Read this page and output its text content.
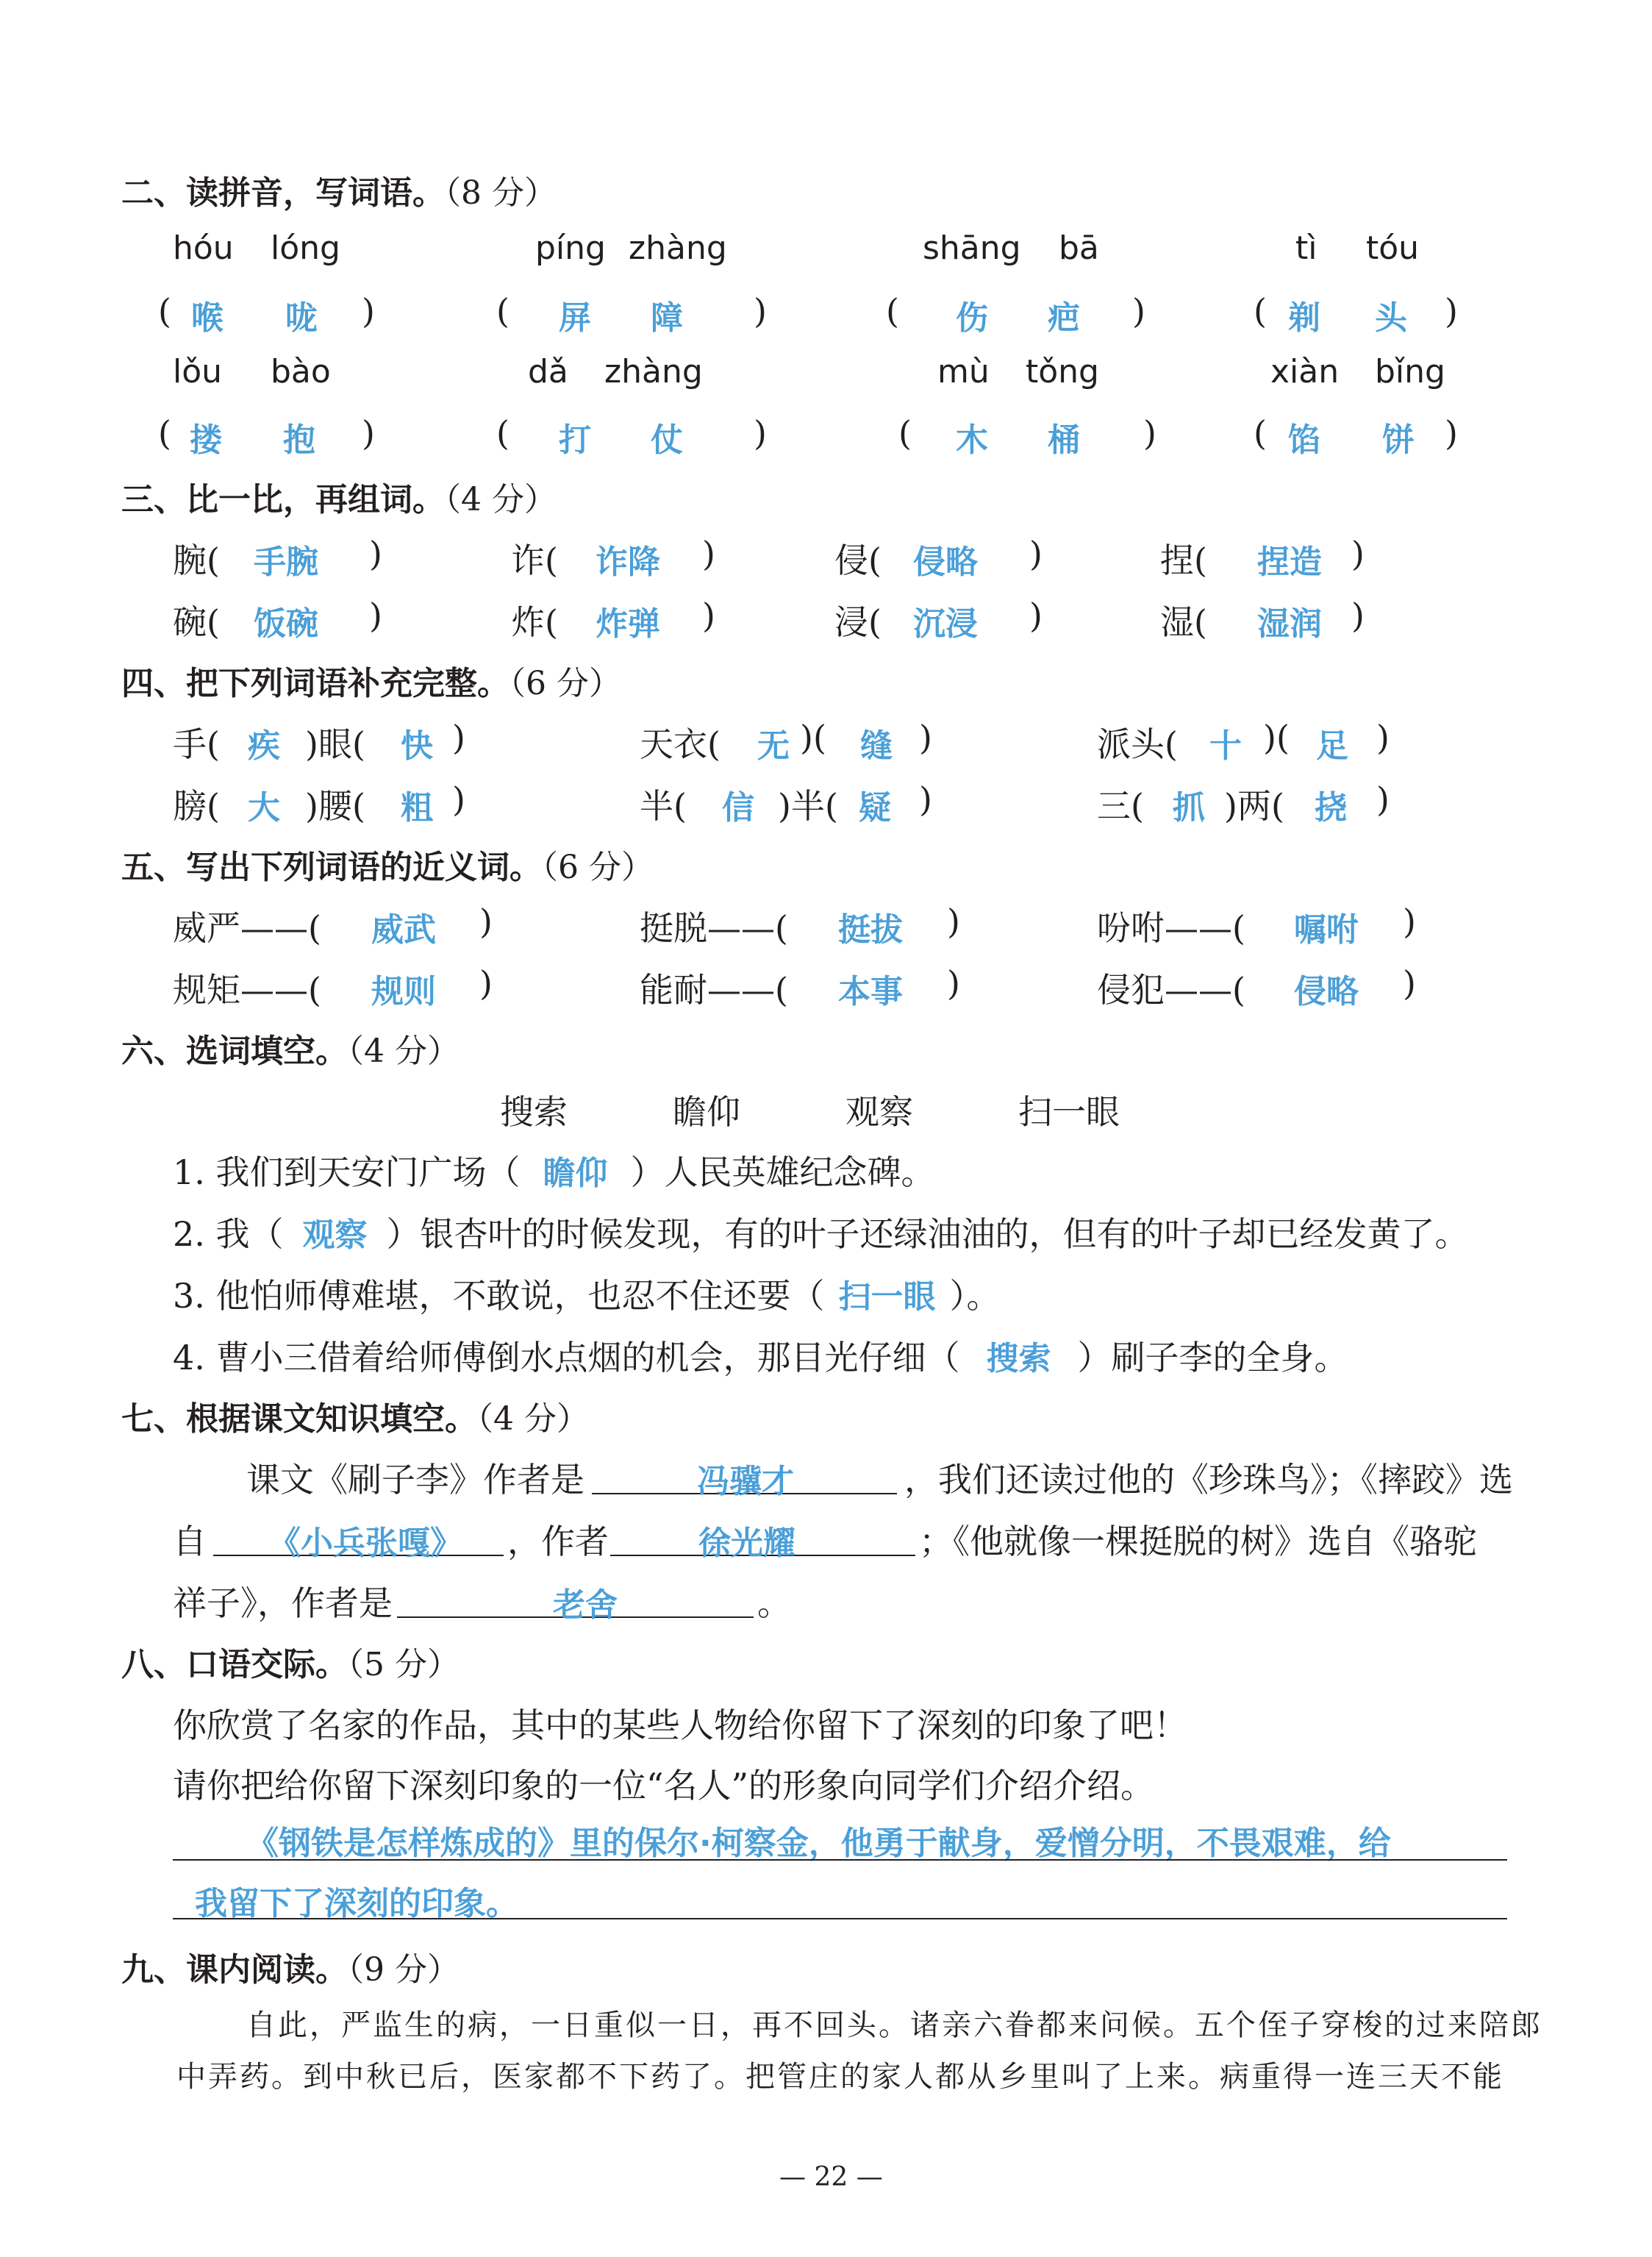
二、读拼音，写词语。（8 分）
hóu lóng	píng zhàng	shāng bā	tì tóu
( 喉 咙 )	( 屏 障 )	( 伤 疤 )	( 剃 头 )
lǒu bào	dǎ zhàng	mù tǒng	xiàn bǐng
( 搂 抱 )	( 打 仗 )	( 木 桶 )	( 馅 饼 )
三、比一比，再组词。（4 分）
腕( 手腕 )	诈( 诈降 )	侵( 侵略 )	捏( 捏造 )
碗( 饭碗 )	炸( 炸弹 )	浸( 沉浸 )	湿( 湿润 )
四、把下列词语补充完整。（6 分）
手( 疾 )眼( 快 )	天衣( 无 )( 缝 )	派头( 十 )( 足 )
膀( 大 )腰( 粗 )	半( 信 )半( 疑 )	三( 抓 )两( 挠 )
五、写出下列词语的近义词。（6 分）
威严——( 威武 )	挺脱——( 挺拔 )	吩咐——( 嘱咐 )
规矩——( 规则 )	能耐——( 本事 )	侵犯——( 侵略 )
六、选词填空。（4 分）
搜索	瞻仰	观察	扫一眼
1. 我们到天安门广场（ 瞻仰 ）人民英雄纪念碑。
2. 我（ 观察 ）银杏叶的时候发现，有的叶子还绿油油的，但有的叶子却已经发黄了。
3. 他怕师傅难堪，不敢说，也忍不住还要（ 扫一眼 ）。
4. 曹小三借着给师傅倒水点烟的机会，那目光仔细（ 搜索 ）刷子李的全身。
七、根据课文知识填空。（4 分）
课文《刷子李》作者是	冯骥才	，我们还读过他的《珍珠鸟》；《摔跤》选
自 《小兵张嘎》 ，作者	徐光耀	；《他就像一棵挺脱的树》选自《骆驼
祥子》，作者是	老舍	。
八、口语交际。（5 分）
你欣赏了名家的作品，其中的某些人物给你留下了深刻的印象了吧！
请你把给你留下深刻印象的一位“名人”的形象向同学们介绍介绍。
《钢铁是怎样炼成的》里的保尔·柯察金，他勇于献身，爱憎分明，不畏艰难，给
我留下了深刻的印象。
九、课内阅读。（9 分）
自此，严监生的病，一日重似一日，再不回头。诸亲六眷都来问候。五个侄子穿梭的过来陪郎
中弄药。到中秋已后，医家都不下药了。把管庄的家人都从乡里叫了上来。病重得一连三天不能
— 22 —
